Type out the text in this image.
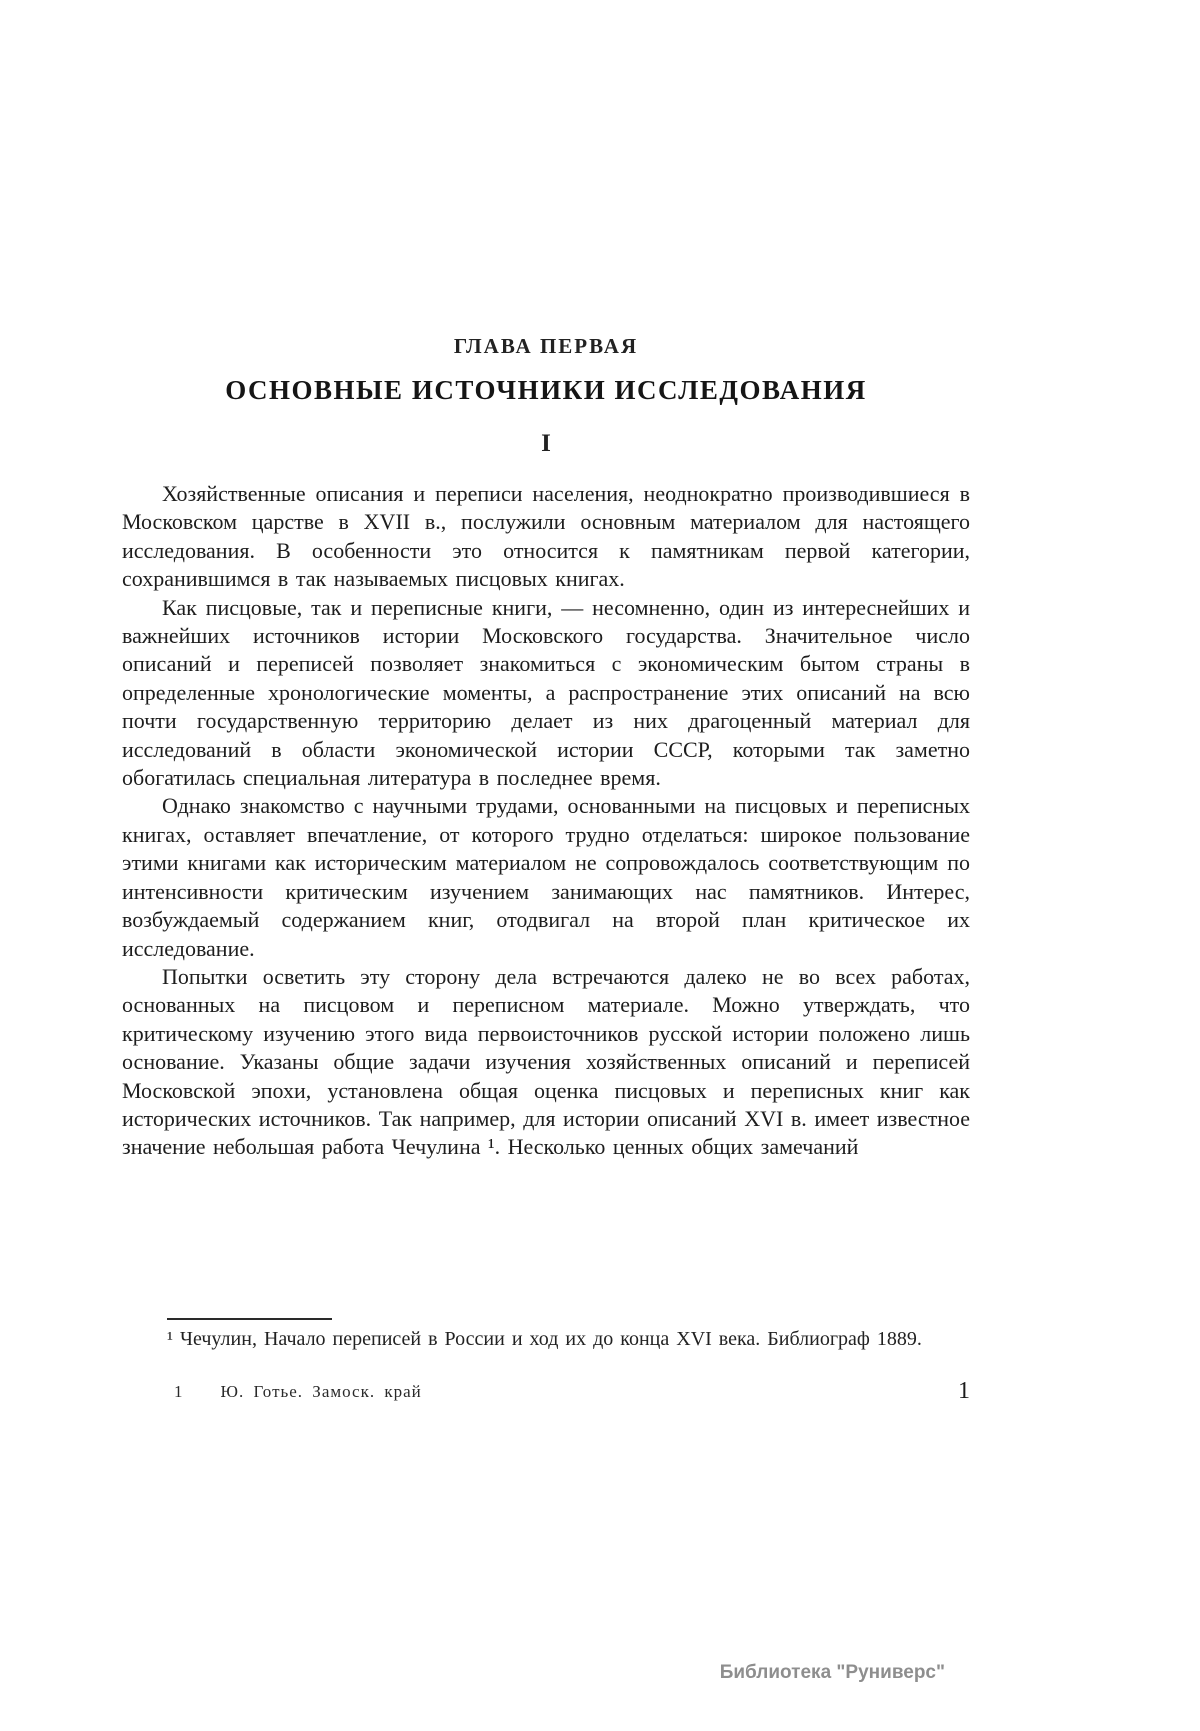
ГЛАВА ПЕРВАЯ
ОСНОВНЫЕ ИСТОЧНИКИ ИССЛЕДОВАНИЯ
I

Хозяйственные описания и переписи населения, неоднократно производившиеся в Московском царстве в XVII в., послужили основным материалом для настоящего исследования. В особенности это относится к памятникам первой категории, сохранившимся в так называемых писцовых книгах.

Как писцовые, так и переписные книги, — несомненно, один из интереснейших и важнейших источников истории Московского государства. Значительное число описаний и переписей позволяет знакомиться с экономическим бытом страны в определенные хронологические моменты, а распространение этих описаний на всю почти государственную территорию делает из них драгоценный материал для исследований в области экономической истории СССР, которыми так заметно обогатилась специальная литература в последнее время.

Однако знакомство с научными трудами, основанными на писцовых и переписных книгах, оставляет впечатление, от которого трудно отделаться: широкое пользование этими книгами как историческим материалом не сопровождалось соответствующим по интенсивности критическим изучением занимающих нас памятников. Интерес, возбуждаемый содержанием книг, отодвигал на второй план критическое их исследование.

Попытки осветить эту сторону дела встречаются далеко не во всех работах, основанных на писцовом и переписном материале. Можно утверждать, что критическому изучению этого вида первоисточников русской истории положено лишь основание. Указаны общие задачи изучения хозяйственных описаний и переписей Московской эпохи, установлена общая оценка писцовых и переписных книг как исторических источников. Так например, для истории описаний XVI в. имеет известное значение небольшая работа Чечулина ¹. Несколько ценных общих замечаний

¹ Чечулин, Начало переписей в России и ход их до конца XVI века. Библиограф 1889.

1    Ю. Готье. Замоск. край	1
Библиотека "Руниверс"
